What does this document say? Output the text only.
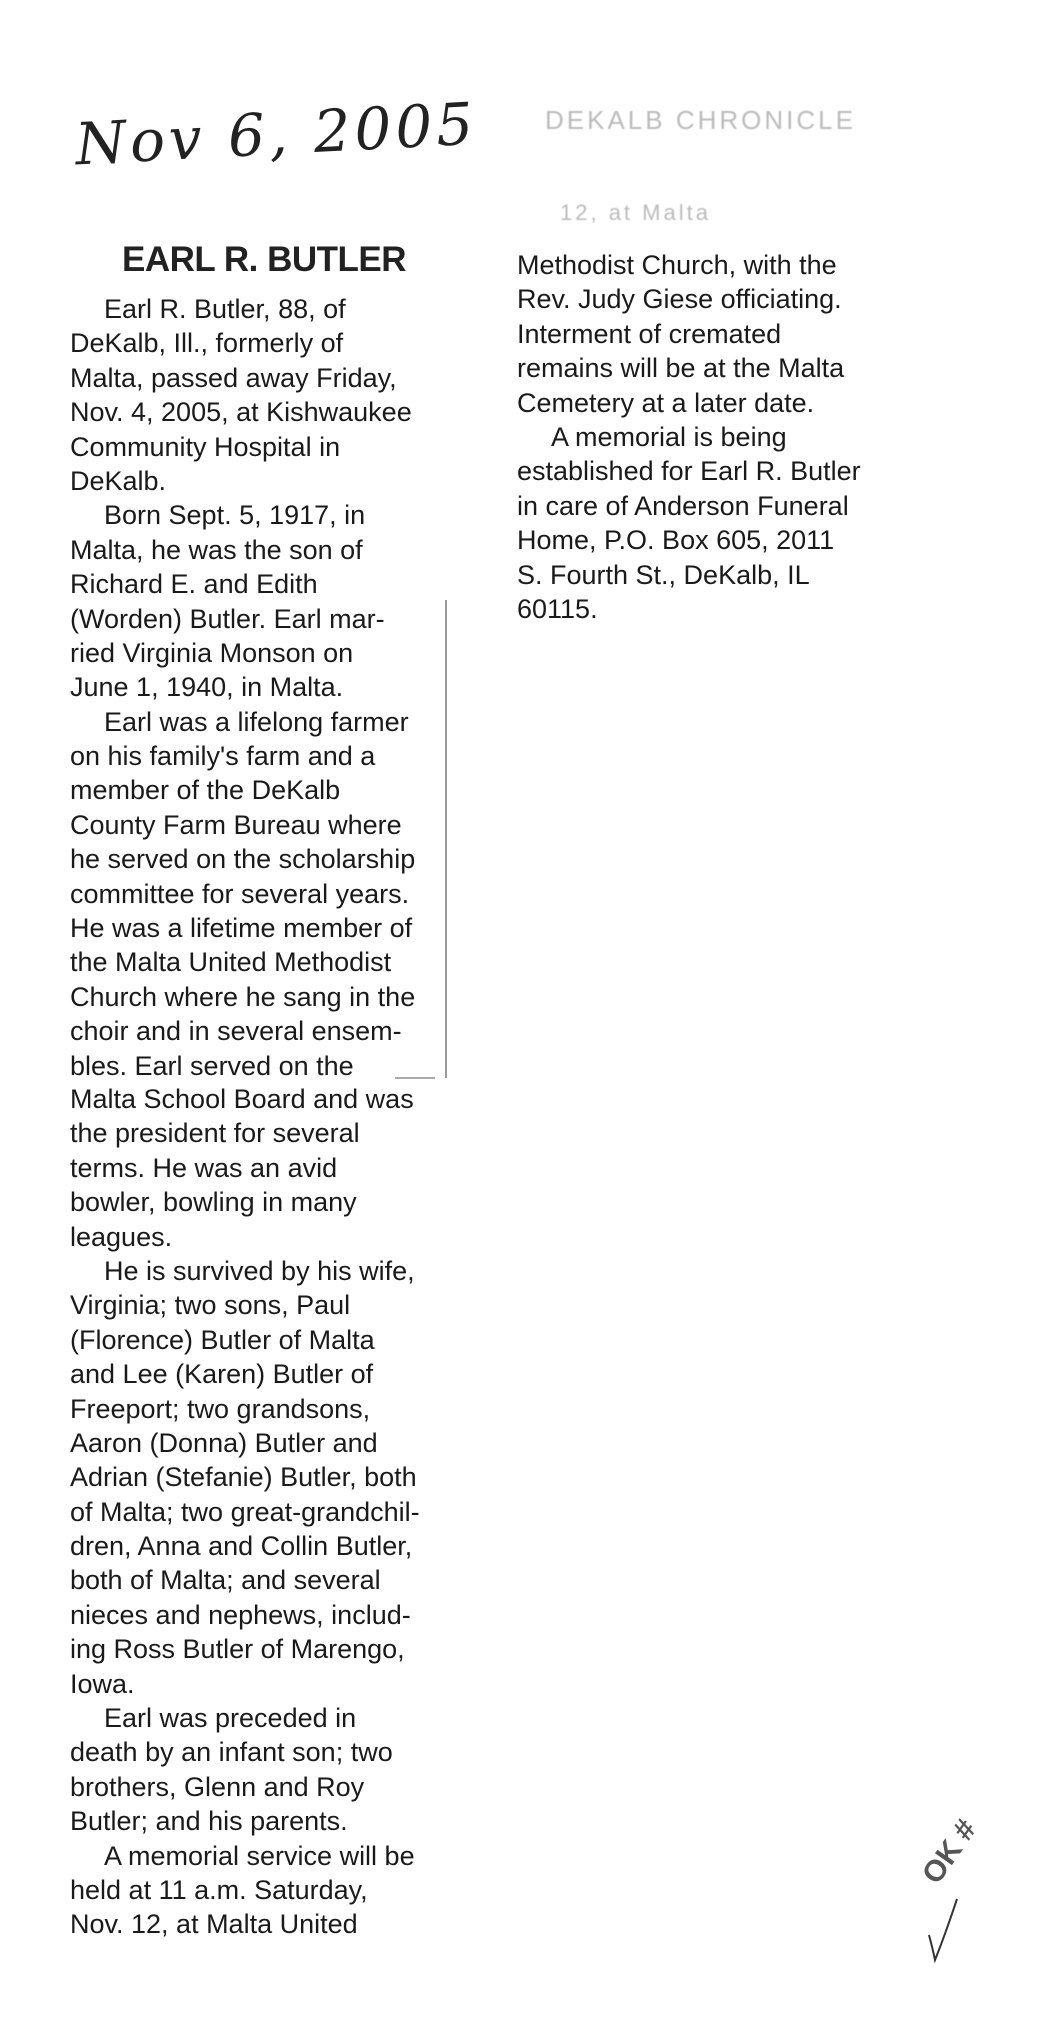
Nov 6, 2005	DEKALB CHRONICLE
12, at Malta
EARL R. BUTLER
Earl R. Butler, 88, of
DeKalb, Ill., formerly of
Malta, passed away Friday,
Nov. 4, 2005, at Kishwaukee
Community Hospital in
DeKalb.
Born Sept. 5, 1917, in
Malta, he was the son of
Richard E. and Edith
(Worden) Butler. Earl mar-
ried Virginia Monson on
June 1, 1940, in Malta.
Earl was a lifelong farmer
on his family's farm and a
member of the DeKalb
County Farm Bureau where
he served on the scholarship
committee for several years.
He was a lifetime member of
the Malta United Methodist
Church where he sang in the
choir and in several ensem-
bles. Earl served on the
Malta School Board and was
the president for several
terms. He was an avid
bowler, bowling in many
leagues.
He is survived by his wife,
Virginia; two sons, Paul
(Florence) Butler of Malta
and Lee (Karen) Butler of
Freeport; two grandsons,
Aaron (Donna) Butler and
Adrian (Stefanie) Butler, both
of Malta; two great-grandchil-
dren, Anna and Collin Butler,
both of Malta; and several
nieces and nephews, includ-
ing Ross Butler of Marengo,
Iowa.
Earl was preceded in
death by an infant son; two
brothers, Glenn and Roy
Butler; and his parents.
A memorial service will be
held at 11 a.m. Saturday,
Nov. 12, at Malta United
Methodist Church, with the
Rev. Judy Giese officiating.
Interment of cremated
remains will be at the Malta
Cemetery at a later date.
A memorial is being
established for Earl R. Butler
in care of Anderson Funeral
Home, P.O. Box 605, 2011
S. Fourth St., DeKalb, IL
60115.
OK #
